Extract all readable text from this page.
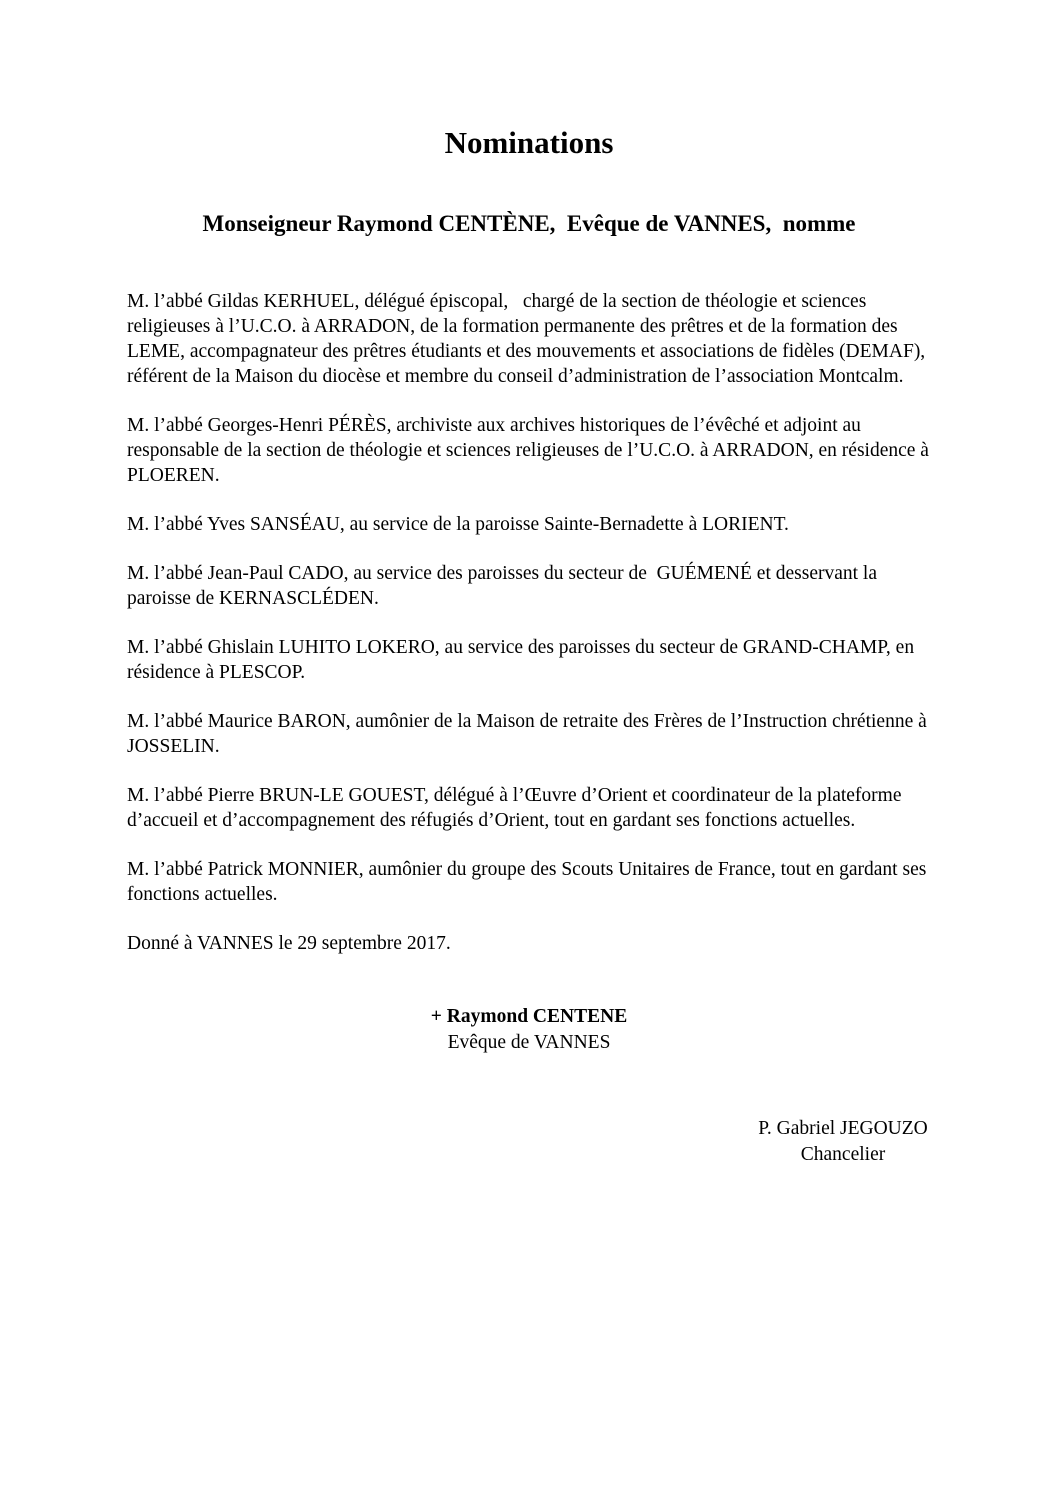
Nominations
Monseigneur Raymond CENTÈNE,  Evêque de VANNES,  nomme

M. l’abbé Gildas KERHUEL, délégué épiscopal,   chargé de la section de théologie et sciences religieuses à l’U.C.O. à ARRADON, de la formation permanente des prêtres et de la formation des LEME, accompagnateur des prêtres étudiants et des mouvements et associations de fidèles (DEMAF), référent de la Maison du diocèse et membre du conseil d’administration de l’association Montcalm.

M. l’abbé Georges-Henri PÉRÈS, archiviste aux archives historiques de l’évêché et adjoint au responsable de la section de théologie et sciences religieuses de l’U.C.O. à ARRADON, en résidence à PLOEREN.

M. l’abbé Yves SANSÉAU, au service de la paroisse Sainte-Bernadette à LORIENT.

M. l’abbé Jean-Paul CADO, au service des paroisses du secteur de  GUÉMENÉ et desservant la paroisse de KERNASCLÉDEN.

M. l’abbé Ghislain LUHITO LOKERO, au service des paroisses du secteur de GRAND-CHAMP, en résidence à PLESCOP.

M. l’abbé Maurice BARON, aumônier de la Maison de retraite des Frères de l’Instruction chrétienne à JOSSELIN.

M. l’abbé Pierre BRUN-LE GOUEST, délégué à l’Œuvre d’Orient et coordinateur de la plateforme d’accueil et d’accompagnement des réfugiés d’Orient, tout en gardant ses fonctions actuelles.

M. l’abbé Patrick MONNIER, aumônier du groupe des Scouts Unitaires de France, tout en gardant ses fonctions actuelles.

Donné à VANNES le 29 septembre 2017.

+ Raymond CENTENE
Evêque de VANNES
P. Gabriel JEGOUZO
Chancelier
